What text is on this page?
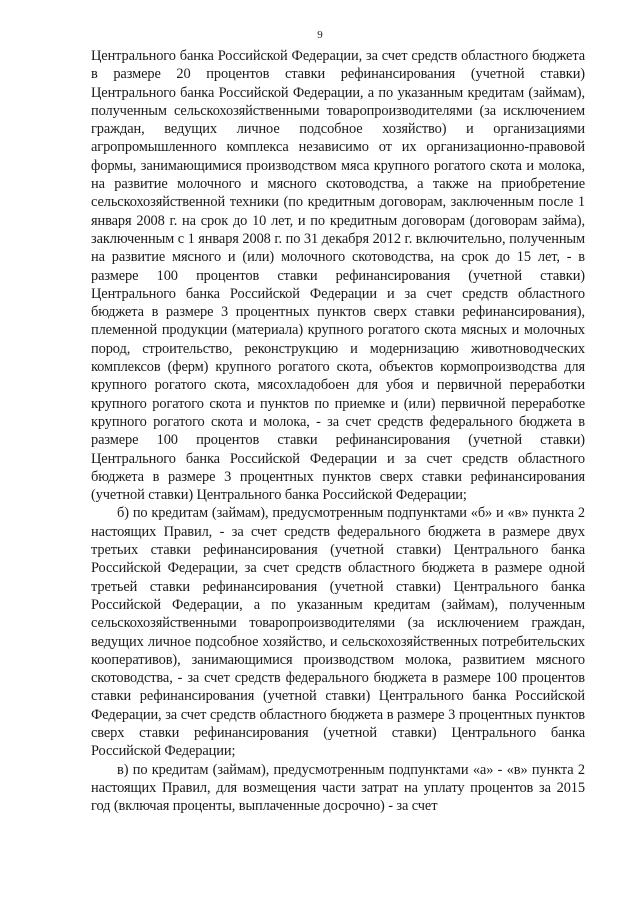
9

Центрального банка Российской Федерации, за счет средств областного бюджета в размере 20 процентов ставки рефинансирования (учетной ставки) Центрального банка Российской Федерации, а по указанным кредитам (займам), полученным сельскохозяйственными товаропроизводителями (за исключением граждан, ведущих личное подсобное хозяйство) и организациями агропромышленного комплекса независимо от их организационно-правовой формы, занимающимися производством мяса крупного рогатого скота и молока, на развитие молочного и мясного скотоводства, а также на приобретение сельскохозяйственной техники (по кредитным договорам, заключенным после 1 января 2008 г. на срок до 10 лет, и по кредитным договорам (договорам займа), заключенным с 1 января 2008 г. по 31 декабря 2012 г. включительно, полученным на развитие мясного и (или) молочного скотоводства, на срок до 15 лет, - в размере 100 процентов ставки рефинансирования (учетной ставки) Центрального банка Российской Федерации и за счет средств областного бюджета в размере 3 процентных пунктов сверх ставки рефинансирования), племенной продукции (материала) крупного рогатого скота мясных и молочных пород, строительство, реконструкцию и модернизацию животноводческих комплексов (ферм) крупного рогатого скота, объектов кормопроизводства для крупного рогатого скота, мясохладобоен для убоя и первичной переработки крупного рогатого скота и пунктов по приемке и (или) первичной переработке крупного рогатого скота и молока, - за счет средств федерального бюджета в размере 100 процентов ставки рефинансирования (учетной ставки) Центрального банка Российской Федерации и за счет средств областного бюджета в размере 3 процентных пунктов сверх ставки рефинансирования (учетной ставки) Центрального банка Российской Федерации;

б) по кредитам (займам), предусмотренным подпунктами «б» и «в» пункта 2 настоящих Правил, - за счет средств федерального бюджета в размере двух третьих ставки рефинансирования (учетной ставки) Центрального банка Российской Федерации, за счет средств областного бюджета в размере одной третьей ставки рефинансирования (учетной ставки) Центрального банка Российской Федерации, а по указанным кредитам (займам), полученным сельскохозяйственными товаропроизводителями (за исключением граждан, ведущих личное подсобное хозяйство, и сельскохозяйственных потребительских кооперативов), занимающимися производством молока, развитием мясного скотоводства, - за счет средств федерального бюджета в размере 100 процентов ставки рефинансирования (учетной ставки) Центрального банка Российской Федерации, за счет средств областного бюджета в размере 3 процентных пунктов сверх ставки рефинансирования (учетной ставки) Центрального банка Российской Федерации;

в) по кредитам (займам), предусмотренным подпунктами «а» - «в» пункта 2 настоящих Правил, для возмещения части затрат на уплату процентов за 2015 год (включая проценты, выплаченные досрочно) - за счет
